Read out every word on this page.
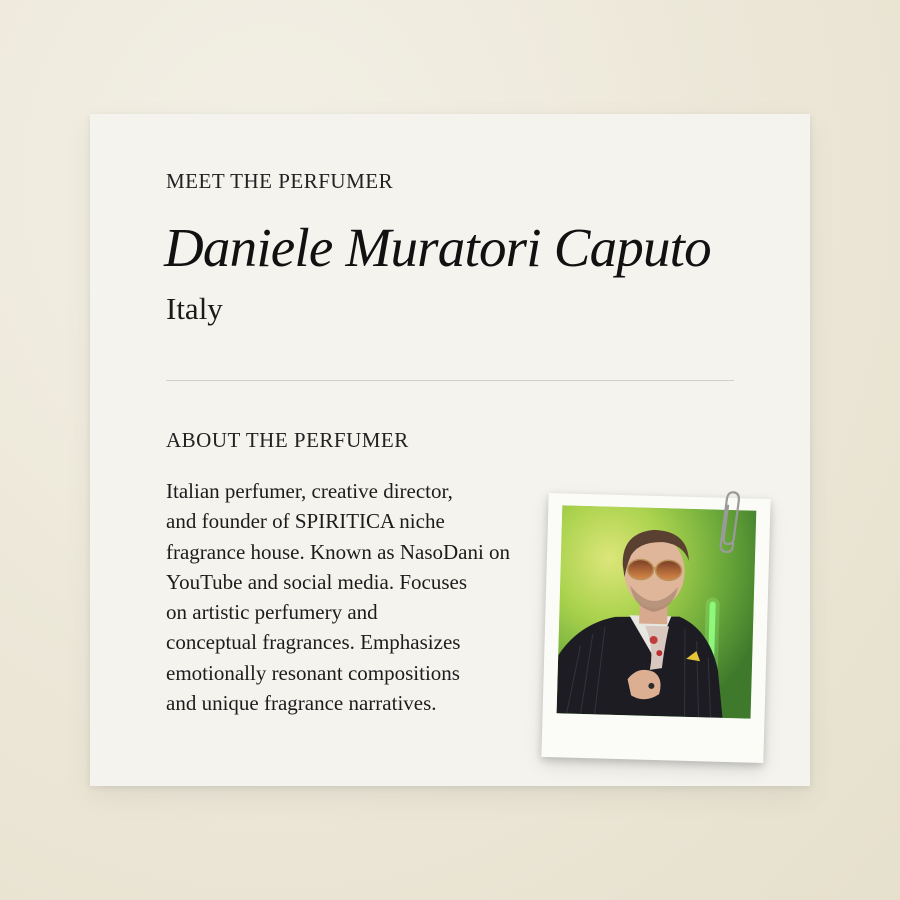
MEET THE PERFUMER
Daniele Muratori Caputo
Italy
ABOUT THE PERFUMER

Italian perfumer, creative director,
and founder of SPIRITICA niche
fragrance house. Known as NasoDani on
YouTube and social media. Focuses
on artistic perfumery and
conceptual fragrances. Emphasizes
emotionally resonant compositions
and unique fragrance narratives.
